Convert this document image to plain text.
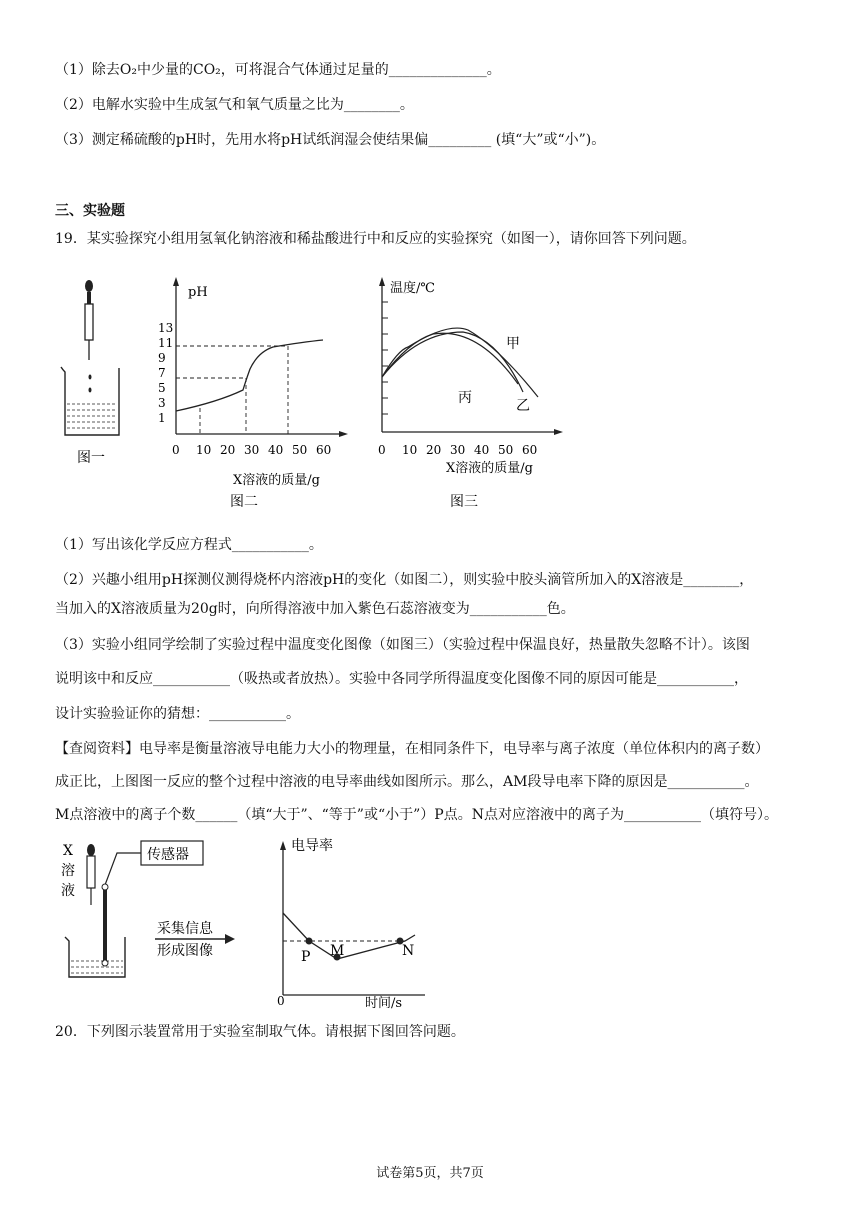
（1）除去O₂中少量的CO₂，可将混合气体通过足量的______________。
（2）电解水实验中生成氢气和氧气质量之比为________。
（3）测定稀硫酸的pH时，先用水将pH试纸润湿会使结果偏_________ (填“大”或“小”)。
三、实验题
19．某实验探究小组用氢氧化钠溶液和稀盐酸进行中和反应的实验探究（如图一），请你回答下列问题。
图一
pH
13
11
9
7
5
3
1
0 10 20 30 40 50 60
X溶液的质量/g
图二
温度/℃
0 10 20 30 40 50 60
甲
丙	乙
X溶液的质量/g
图三
（1）写出该化学反应方程式___________。
（2）兴趣小组用pH探测仪测得烧杯内溶液pH的变化（如图二），则实验中胶头滴管所加入的X溶液是________，
当加入的X溶液质量为20g时，向所得溶液中加入紫色石蕊溶液变为___________色。
（3）实验小组同学绘制了实验过程中温度变化图像（如图三）（实验过程中保温良好，热量散失忽略不计）。该图
说明该中和反应___________（吸热或者放热）。实验中各同学所得温度变化图像不同的原因可能是___________，
设计实验验证你的猜想：___________。
【查阅资料】电导率是衡量溶液导电能力大小的物理量，在相同条件下，电导率与离子浓度（单位体积内的离子数）
成正比，上图图一反应的整个过程中溶液的电导率曲线如图所示。那么，AM段导电率下降的原因是___________。
M点溶液中的离子个数______（填“大于”、“等于”或“小于”）P点。N点对应溶液中的离子为___________（填符号）。
X
溶
液
传感器
采集信息
形成图像
电导率
P M	N
0	时间/s
20．下列图示装置常用于实验室制取气体。请根据下图回答问题。
试卷第5页，共7页
